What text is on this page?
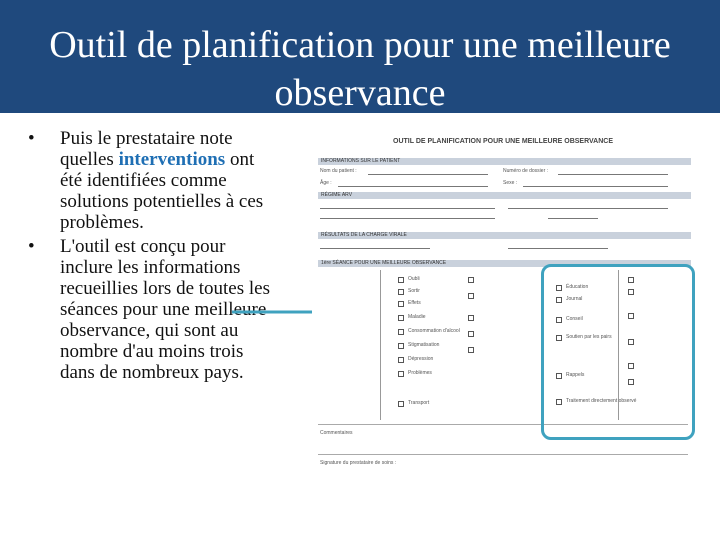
Outil de planification pour une meilleure
observance
• Puis le prestataire note quelles interventions ont été identifiées comme solutions potentielles à ces problèmes.
• L'outil est conçu pour inclure les informations recueillies lors de toutes les séances pour une meilleure observance, qui sont au nombre d'au moins trois dans de nombreux pays.
OUTIL DE PLANIFICATION POUR UNE MEILLEURE OBSERVANCE
INFORMATIONS SUR LE PATIENT
Nom du patient :	Numéro de dossier :
Âge :	Sexe :
RÉGIME ARV
RÉSULTATS DE LA CHARGE VIRALE
1ère SÉANCE POUR UNE MEILLEURE OBSERVANCE
Oubli
Sortir
Effets
Maladie
Consommation d'alcool
Stigmatisation
Dépression
Problèmes
Transport
Éducation
Journal
Conseil
Soutien par les pairs
Rappels
Traitement directement observé
Commentaires
Signature du prestataire de soins :
